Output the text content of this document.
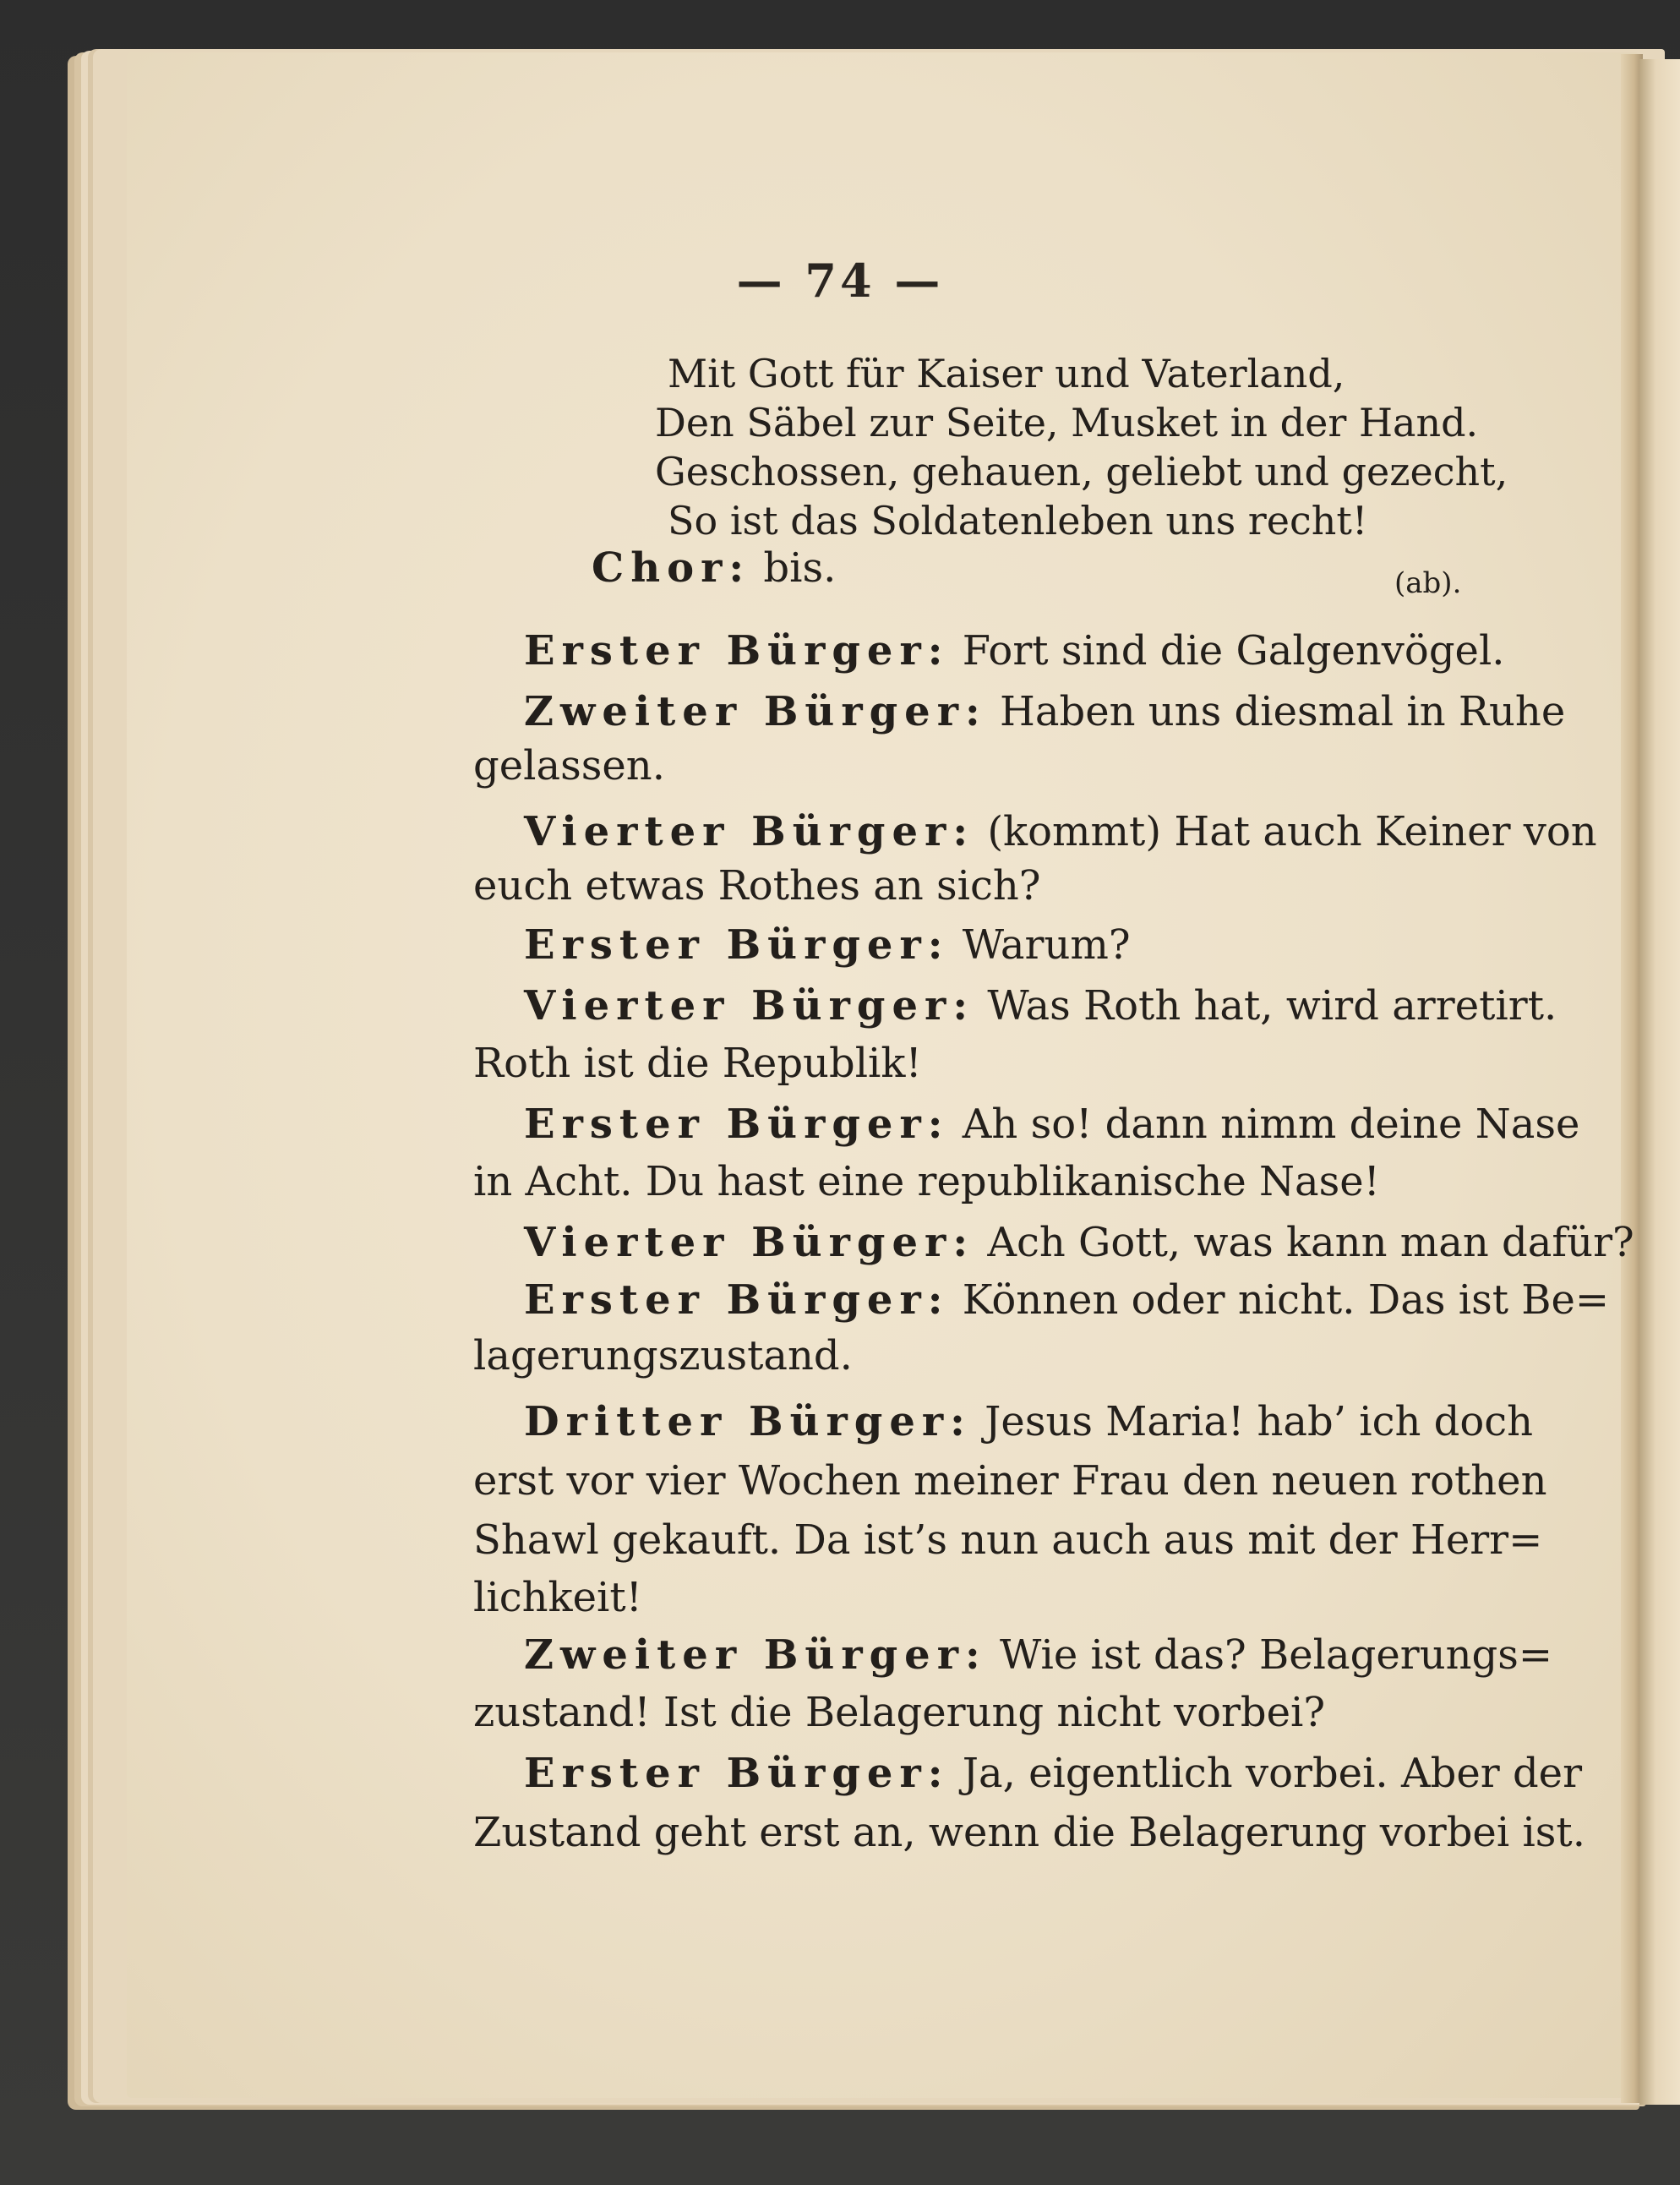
— 74 —
Mit Gott für Kaiser und Vaterland,
Den Säbel zur Seite, Musket in der Hand.
Geschossen, gehauen, geliebt und gezecht,
So ist das Soldatenleben uns recht!
Chor: bis.	(ab).
Erster Bürger: Fort sind die Galgenvögel.
Zweiter Bürger: Haben uns diesmal in Ruhe
gelassen.
Vierter Bürger: (kommt) Hat auch Keiner von
euch etwas Rothes an sich?
Erster Bürger: Warum?
Vierter Bürger: Was Roth hat, wird arretirt.
Roth ist die Republik!
Erster Bürger: Ah so! dann nimm deine Nase
in Acht. Du hast eine republikanische Nase!
Vierter Bürger: Ach Gott, was kann man dafür?
Erster Bürger: Können oder nicht. Das ist Be=
lagerungszustand.
Dritter Bürger: Jesus Maria! hab’ ich doch
erst vor vier Wochen meiner Frau den neuen rothen
Shawl gekauft. Da ist’s nun auch aus mit der Herr=
lichkeit!
Zweiter Bürger: Wie ist das? Belagerungs=
zustand! Ist die Belagerung nicht vorbei?
Erster Bürger: Ja, eigentlich vorbei. Aber der
Zustand geht erst an, wenn die Belagerung vorbei ist.
